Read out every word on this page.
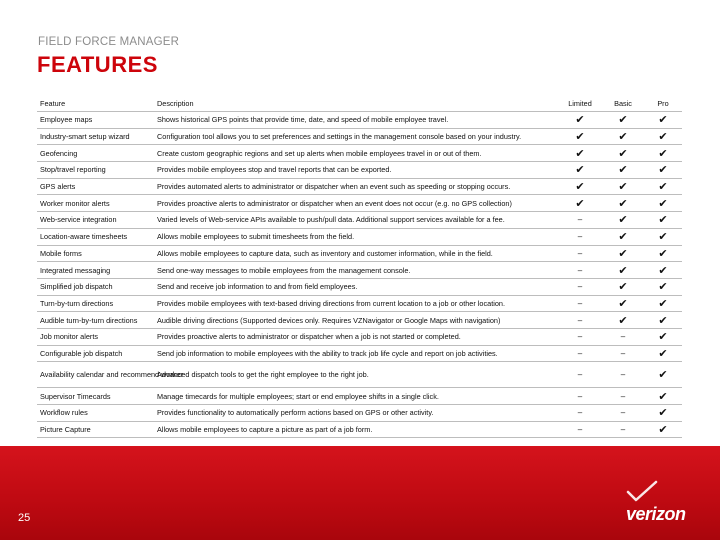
FIELD FORCE MANAGER
FEATURES
Feature	Description	Limited	Basic	Pro
Employee maps	Shows historical GPS points that provide time, date, and speed of mobile employee travel.	✔	✔	✔
Industry-smart setup wizard	Configuration tool allows you to set preferences and settings in the management console based on your industry.	✔	✔	✔
Geofencing	Create custom geographic regions and set up alerts when mobile employees travel in or out of them.	✔	✔	✔
Stop/travel reporting	Provides mobile employees stop and travel reports that can be exported.	✔	✔	✔
GPS alerts	Provides automated alerts to administrator or dispatcher when an event such as speeding or stopping occurs.	✔	✔	✔
Worker monitor alerts	Provides proactive alerts to administrator or dispatcher when an event does not occur (e.g. no GPS collection)	✔	✔	✔
Web-service integration	Varied levels of Web-service APIs available to push/pull data. Additional support services available for a fee.	–	✔	✔
Location-aware timesheets	Allows mobile employees to submit timesheets from the field.	–	✔	✔
Mobile forms	Allows mobile employees to capture data, such as inventory and customer information, while in the field.	–	✔	✔
Integrated messaging	Send one-way messages to mobile employees from the management console.	–	✔	✔
Simplified job dispatch	Send and receive job information to and from field employees.	–	✔	✔
Turn-by-turn directions	Provides mobile employees with text-based driving directions from current location to a job or other location.	–	✔	✔
Audible turn-by-turn directions	Audible driving directions (Supported devices only. Requires VZNavigator or Google Maps with navigation)	–	✔	✔
Job monitor alerts	Provides proactive alerts to administrator or dispatcher when a job is not started or completed.	–	–	✔
Configurable job dispatch	Send job information to mobile employees with the ability to track job life cycle and report on job activities.	–	–	✔
Availability calendar and recommend worker	Advanced dispatch tools to get the right employee to the right job.	–	–	✔
Supervisor Timecards	Manage timecards for multiple employees; start or end employee shifts in a single click.	–	–	✔
Workflow rules	Provides functionality to automatically perform actions based on GPS or other activity.	–	–	✔
Picture Capture	Allows mobile employees to capture a picture as part of a job form.	–	–	✔
25	verizon
